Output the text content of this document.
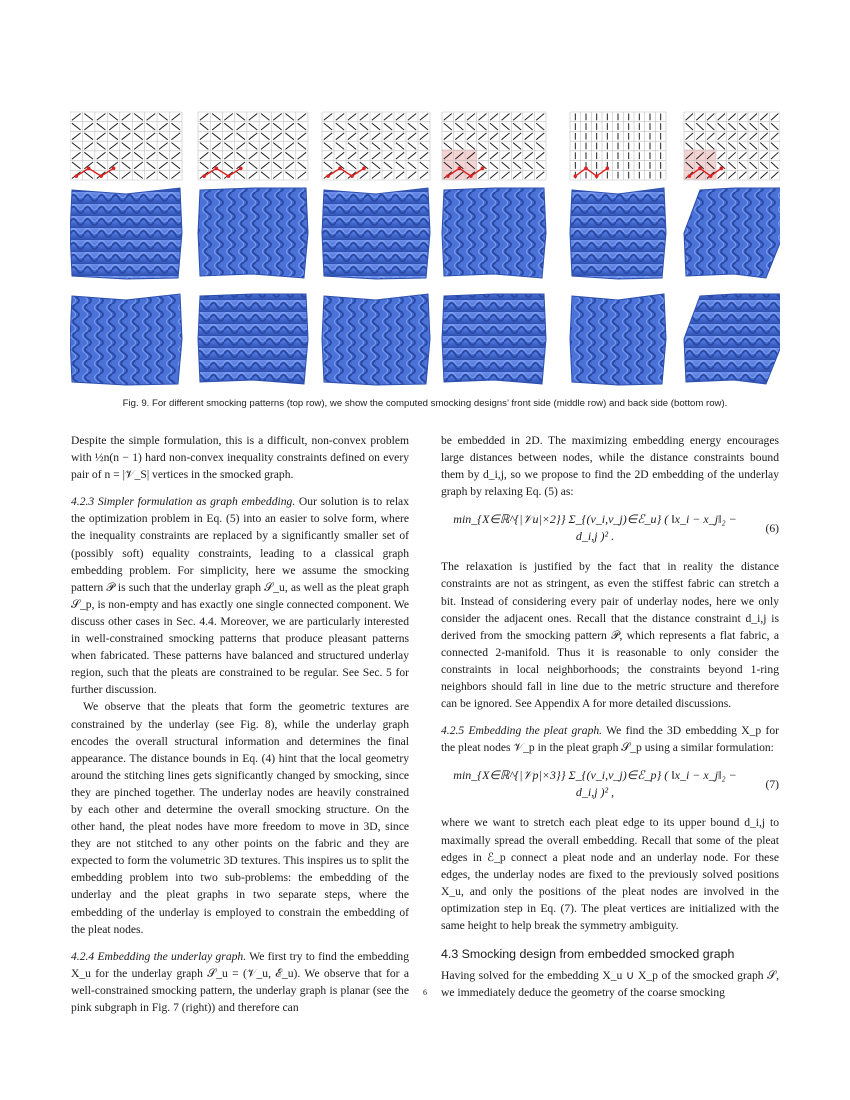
Fig. 9. For different smocking patterns (top row), we show the computed smocking designs’ front side (middle row) and back side (bottom row).

Despite the simple formulation, this is a difficult, non-convex problem with ½n(n − 1) hard non-convex inequality constraints defined on every pair of n = |𝒱_S| vertices in the smocked graph.

4.2.3 Simpler formulation as graph embedding. Our solution is to relax the optimization problem in Eq. (5) into an easier to solve form, where the inequality constraints are replaced by a significantly smaller set of (possibly soft) equality constraints, leading to a classical graph embedding problem. For simplicity, here we assume the smocking pattern 𝒫 is such that the underlay graph 𝒮_u, as well as the pleat graph 𝒮_p, is non-empty and has exactly one single connected component. We discuss other cases in Sec. 4.4. Moreover, we are particularly interested in well-constrained smocking patterns that produce pleasant patterns when fabricated. These patterns have balanced and structured underlay region, such that the pleats are constrained to be regular. See Sec. 5 for further discussion.

We observe that the pleats that form the geometric textures are constrained by the underlay (see Fig. 8), while the underlay graph encodes the overall structural information and determines the final appearance. The distance bounds in Eq. (4) hint that the local geometry around the stitching lines gets significantly changed by smocking, since they are pinched together. The underlay nodes are heavily constrained by each other and determine the overall smocking structure. On the other hand, the pleat nodes have more freedom to move in 3D, since they are not stitched to any other points on the fabric and they are expected to form the volumetric 3D textures. This inspires us to split the embedding problem into two sub-problems: the embedding of the underlay and the pleat graphs in two separate steps, where the embedding of the underlay is employed to constrain the embedding of the pleat nodes.

4.2.4 Embedding the underlay graph. We first try to find the embedding X_u for the underlay graph 𝒮_u = (𝒱_u, ℰ_u). We observe that for a well-constrained smocking pattern, the underlay graph is planar (see the pink subgraph in Fig. 7 (right)) and therefore can

be embedded in 2D. The maximizing embedding energy encourages large distances between nodes, while the distance constraints bound them by d_i,j, so we propose to find the 2D embedding of the underlay graph by relaxing Eq. (5) as:

min_{X∈ℝ^{|𝒱u|×2}} Σ_{(v_i,v_j)∈ℰ_u} ( ‖x_i − x_j‖₂ − d_i,j )² .
(6)

The relaxation is justified by the fact that in reality the distance constraints are not as stringent, as even the stiffest fabric can stretch a bit. Instead of considering every pair of underlay nodes, here we only consider the adjacent ones. Recall that the distance constraint d_i,j is derived from the smocking pattern 𝒫, which represents a flat fabric, a connected 2-manifold. Thus it is reasonable to only consider the constraints in local neighborhoods; the constraints beyond 1-ring neighbors should fall in line due to the metric structure and therefore can be ignored. See Appendix A for more detailed discussions.

4.2.5 Embedding the pleat graph. We find the 3D embedding X_p for the pleat nodes 𝒱_p in the pleat graph 𝒮_p using a similar formulation:

min_{X∈ℝ^{|𝒱p|×3}} Σ_{(v_i,v_j)∈ℰ_p} ( ‖x_i − x_j‖₂ − d_i,j )² ,
(7)

where we want to stretch each pleat edge to its upper bound d_i,j to maximally spread the overall embedding. Recall that some of the pleat edges in ℰ_p connect a pleat node and an underlay node. For these edges, the underlay nodes are fixed to the previously solved positions X_u, and only the positions of the pleat nodes are involved in the optimization step in Eq. (7). The pleat vertices are initialized with the same height to help break the symmetry ambiguity.

4.3 Smocking design from embedded smocked graph

Having solved for the embedding X_u ∪ X_p of the smocked graph 𝒮, we immediately deduce the geometry of the coarse smocking

6
